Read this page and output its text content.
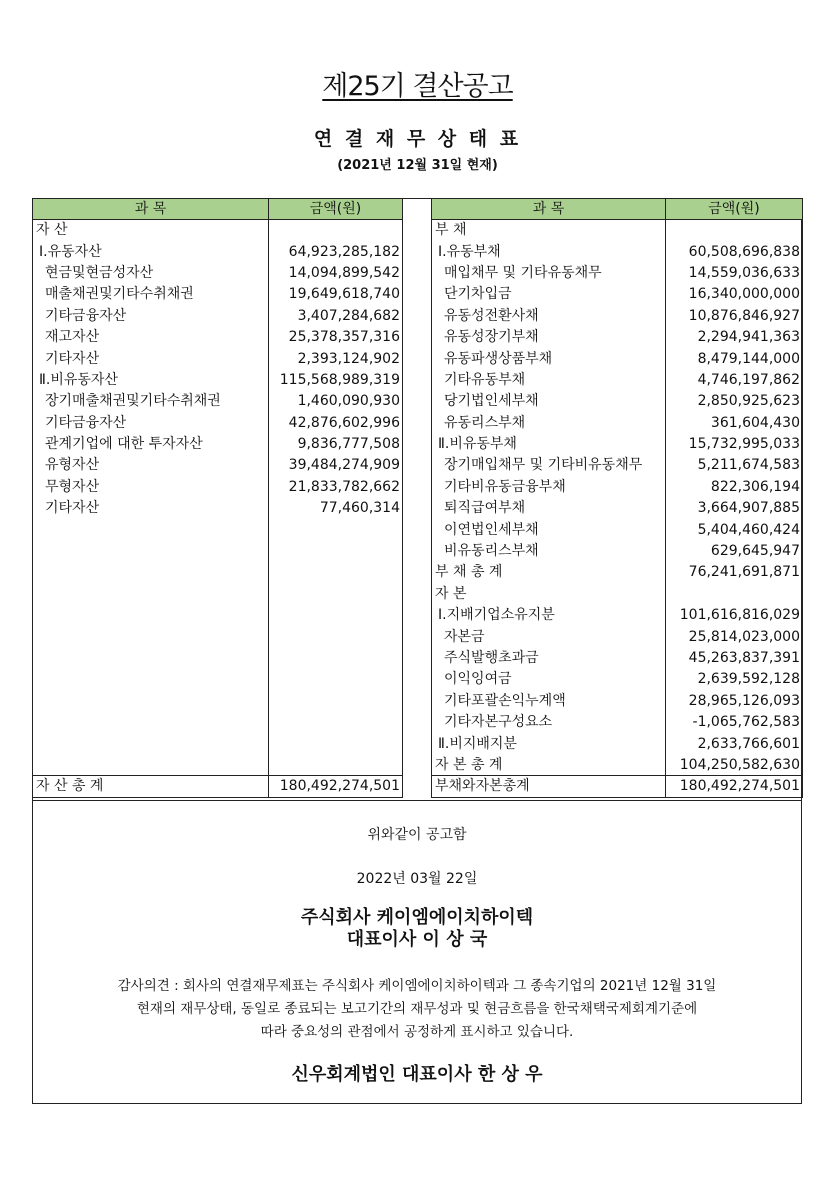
제25기 결산공고
연 결 재 무 상 태 표
(2021년 12월 31일 현재)
과 목	금액(원)
자 산	
Ⅰ.유동자산	64,923,285,182
현금및현금성자산	14,094,899,542
매출채권및기타수취채권	19,649,618,740
기타금융자산	3,407,284,682
재고자산	25,378,357,316
기타자산	2,393,124,902
Ⅱ.비유동자산	115,568,989,319
장기매출채권및기타수취채권	1,460,090,930
기타금융자산	42,876,602,996
관계기업에 대한 투자자산	9,836,777,508
유형자산	39,484,274,909
무형자산	21,833,782,662
기타자산	77,460,314

자 산 총 계	180,492,274,501
과 목	금액(원)
부 채	
Ⅰ.유동부채	60,508,696,838
매입채무 및 기타유동채무	14,559,036,633
단기차입금	16,340,000,000
유동성전환사채	10,876,846,927
유동성장기부채	2,294,941,363
유동파생상품부채	8,479,144,000
기타유동부채	4,746,197,862
당기법인세부채	2,850,925,623
유동리스부채	361,604,430
Ⅱ.비유동부채	15,732,995,033
장기매입채무 및 기타비유동채무	5,211,674,583
기타비유동금융부채	822,306,194
퇴직급여부채	3,664,907,885
이연법인세부채	5,404,460,424
비유동리스부채	629,645,947
부 채 총 계	76,241,691,871
자 본	
Ⅰ.지배기업소유지분	101,616,816,029
자본금	25,814,023,000
주식발행초과금	45,263,837,391
이익잉여금	2,639,592,128
기타포괄손익누계액	28,965,126,093
기타자본구성요소	-1,065,762,583
Ⅱ.비지배지분	2,633,766,601
자 본 총 계	104,250,582,630
부채와자본총계	180,492,274,501
위와같이 공고함
2022년 03월 22일
주식회사 케이엠에이치하이텍
대표이사 이 상 국
감사의견 : 회사의 연결재무제표는 주식회사 케이엠에이치하이텍과 그 종속기업의 2021년 12월 31일
현재의 재무상태, 동일로 종료되는 보고기간의 재무성과 및 현금흐름을 한국채택국제회계기준에
따라 중요성의 관점에서 공정하게 표시하고 있습니다.
신우회계법인 대표이사 한 상 우
